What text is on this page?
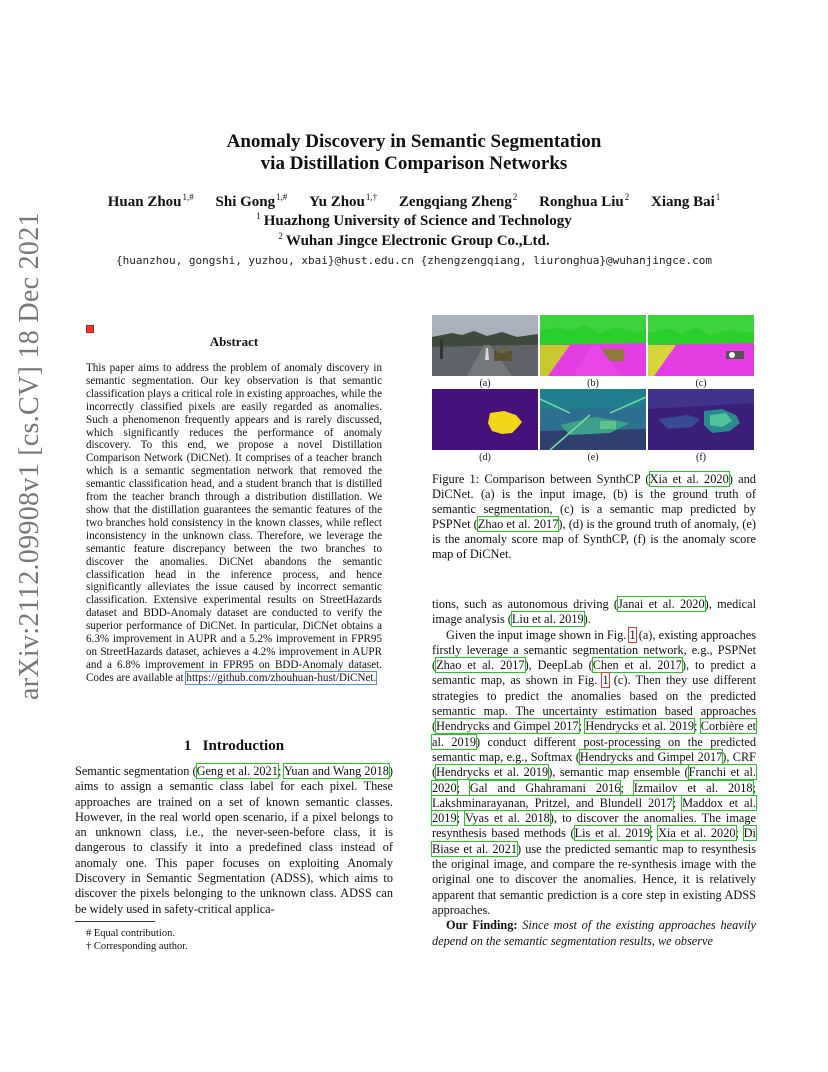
arXiv:2112.09908v1 [cs.CV] 18 Dec 2021
Anomaly Discovery in Semantic Segmentation
via Distillation Comparison Networks
Huan Zhou$^{1,\#}$ Shi Gong$^{1,\#}$ Yu Zhou$^{1,\dagger}$ Zengqiang Zheng$^2$ Ronghua Liu$^2$ Xiang Bai$^1$
$^1$ Huazhong University of Science and Technology
$^2$ Wuhan Jingce Electronic Group Co.,Ltd.
{huanzhou, gongshi, yuzhou, xbai}@hust.edu.cn {zhengzengqiang, liuronghua}@wuhanjingce.com
Abstract
This paper aims to address the problem of anomaly discovery in semantic segmentation. Our key observation is that semantic classification plays a critical role in existing approaches, while the incorrectly classified pixels are easily regarded as anomalies. Such a phenomenon frequently appears and is rarely discussed, which significantly reduces the performance of anomaly discovery. To this end, we propose a novel Distillation Comparison Network (DiCNet). It comprises of a teacher branch which is a semantic segmentation network that removed the semantic classification head, and a student branch that is distilled from the teacher branch through a distribution distillation. We show that the distillation guarantees the semantic features of the two branches hold consistency in the known classes, while reflect inconsistency in the unknown class. Therefore, we leverage the semantic feature discrepancy between the two branches to discover the anomalies. DiCNet abandons the semantic classification head in the inference process, and hence significantly alleviates the issue caused by incorrect semantic classification. Extensive experimental results on StreetHazards dataset and BDD-Anomaly dataset are conducted to verify the superior performance of DiCNet. In particular, DiCNet obtains a 6.3% improvement in AUPR and a 5.2% improvement in FPR95 on StreetHazards dataset, achieves a 4.2% improvement in AUPR and a 6.8% improvement in FPR95 on BDD-Anomaly dataset. Codes are available at https://github.com/zhouhuan-hust/DiCNet.
1 Introduction
Semantic segmentation (Geng et al. 2021; Yuan and Wang 2018) aims to assign a semantic class label for each pixel. These approaches are trained on a set of known semantic classes. However, in the real world open scenario, if a pixel belongs to an unknown class, i.e., the never-seen-before class, it is dangerous to classify it into a predefined class instead of anomaly one. This paper focuses on exploiting Anomaly Discovery in Semantic Segmentation (ADSS), which aims to discover the pixels belonging to the unknown class. ADSS can be widely used in safety-critical applica-
# Equal contribution.
† Corresponding author.
(a)	(b)	(c)
(d)	(e)	(f)
Figure 1: Comparison between SynthCP (Xia et al. 2020) and DiCNet. (a) is the input image, (b) is the ground truth of semantic segmentation, (c) is a semantic map predicted by PSPNet (Zhao et al. 2017), (d) is the ground truth of anomaly, (e) is the anomaly score map of SynthCP, (f) is the anomaly score map of DiCNet.

tions, such as autonomous driving (Janai et al. 2020), medical image analysis (Liu et al. 2019).

Given the input image shown in Fig. 1 (a), existing approaches firstly leverage a semantic segmentation network, e.g., PSPNet (Zhao et al. 2017), DeepLab (Chen et al. 2017), to predict a semantic map, as shown in Fig. 1 (c). Then they use different strategies to predict the anomalies based on the predicted semantic map. The uncertainty estimation based approaches (Hendrycks and Gimpel 2017; Hendrycks et al. 2019; Corbière et al. 2019) conduct different post-processing on the predicted semantic map, e.g., Softmax (Hendrycks and Gimpel 2017), CRF (Hendrycks et al. 2019), semantic map ensemble (Franchi et al. 2020; Gal and Ghahramani 2016; Izmailov et al. 2018; Lakshminarayanan, Pritzel, and Blundell 2017; Maddox et al. 2019; Vyas et al. 2018), to discover the anomalies. The image resynthesis based methods (Lis et al. 2019; Xia et al. 2020; Di Biase et al. 2021) use the predicted semantic map to resynthesis the original image, and compare the re-synthesis image with the original one to discover the anomalies. Hence, it is relatively apparent that semantic prediction is a core step in existing ADSS approaches.

Our Finding: Since most of the existing approaches heavily depend on the semantic segmentation results, we observe
